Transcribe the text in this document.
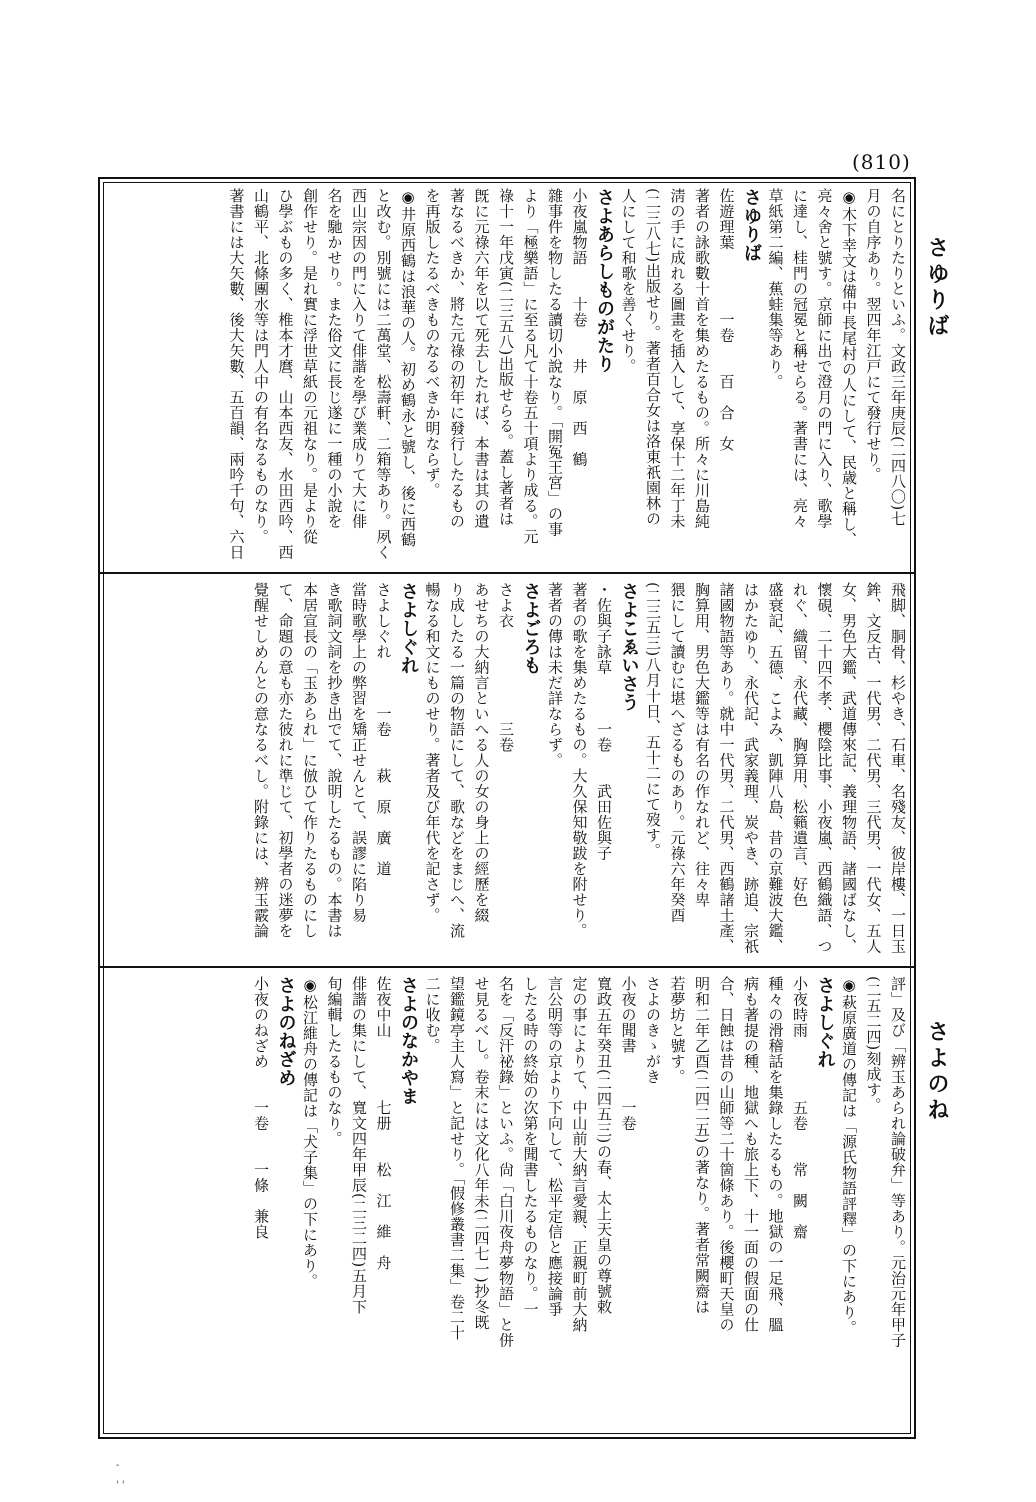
(810)
さゆりば
さよのね
名にとりたりといふ。文政三年庚辰(二四八〇)七
月の自序あり。翌四年江戸にて發行せり。
◉木下幸文は備中長尾村の人にして、民歳と稱し、
亮々舍と號す。京師に出で澄月の門に入り、歌學
に達し、桂門の冠冕と稱せらる。著書には、亮々
草紙第二編、蕉蛙集等あり。
さゆりば
佐遊理葉　　　　一卷　　百　合　女
著者の詠歌數十首を集めたるもの。所々に川島純
淸の手に成れる圖畫を插入して、享保十二年丁未
(二三八七)出版せり。著者百合女は洛東祇園林の
人にして和歌を善くせり。
さよあらしものがたり
小夜嵐物語　　十卷　　井　原　西　鶴
雜事件を物したる讀切小說なり。「開冤王宮」の事
より「極樂語」に至る凡て十卷五十項より成る。元
祿十一年戊寅(二三五八)出版せらる。蓋し著者は
旣に元祿六年を以て死去したれば、本書は其の遺
著なるべきか、將た元祿の初年に發行したるもの
を再版したるべきものなるべきか明ならず。
◉井原西鶴は浪華の人。初め鶴永と號し、後に西鶴
と改む。別號には二萬堂、松壽軒、二箱等あり。夙く
西山宗因の門に入りて俳諧を學び業成りて大に俳
名を馳かせり。また俗文に長じ遂に一種の小說を
創作せり。是れ實に浮世草紙の元祖なり。是より從
ひ學ぶもの多く、椎本才麿、山本西友、水田西吟、西
山鶴平、北條團水等は門人中の有名なるものなり。
著書には大矢數、後大矢數、五百韻、兩吟千句、六日
飛脚、胴骨、杉やき、石車、名殘友、彼岸樓、一日玉
鉾、文反古、一代男、二代男、三代男、一代女、五人
女、男色大鑑、武道傳來記、義理物語、諸國ばなし、
懷硯、二十四不孝、櫻陰比事、小夜嵐、西鶴織語、つ
れぐ、織留、永代藏、胸算用、松籟遺言、好色
盛衰記、五德、こよみ、凱陣八島、昔の京難波大鑑、
はかたゆり、永代記、武家義理、炭やき、跡追、宗祇
諸國物語等あり。就中一代男、二代男、西鶴諸土產、
胸算用、男色大鑑等は有名の作なれど、往々卑
猥にして讀むに堪へざるものあり。元祿六年癸酉
(二三五三)八月十日、五十二にて歿す。
さよこゑいさう
・佐與子詠草　　　一卷　　武田佐與子
著者の歌を集めたるもの。大久保知敬跋を附せり。
著者の傳は未だ詳ならず。
さよごろも
さよ衣　　　　　　三卷
あせちの大納言といへる人の女の身上の經歷を綴
り成したる一篇の物語にして、歌などをまじへ、流
暢なる和文にものせり。著者及び年代を記さず。
さよしぐれ
さよしぐれ　　　一卷　　萩　原　廣　道
當時歌學上の弊習を矯正せんとて、誤謬に陷り易
き歌詞文詞を抄き出でて、說明したるもの。本書は
本居宣長の「玉あられ」に倣ひて作りたるものにし
て、命題の意も亦た彼れに準じて、初學者の迷夢を
覺醒せしめんとの意なるべし。附錄には、辨玉霰論
評」及び「辨玉あられ論破弁」等あり。元治元年甲子
(二五二四)刻成す。
◉萩原廣道の傳記は「源氏物語評釋」の下にあり。
さよしぐれ
小夜時雨　　　　五卷　　常　闕　齋
種々の滑稽話を集錄したるもの。地獄の一足飛、膃
病も著提の種、地獄へも旅上下、十一面の假面の仕
合、日蝕は昔の山師等二十箇條あり。後櫻町天皇の
明和二年乙酉(二四二五)の著なり。著者常闕齋は
若夢坊と號す。
さよのきゝがき
小夜の聞書　　　一卷
寬政五年癸丑(二四五三)の春、太上天皇の尊號敕
定の事によりて、中山前大納言愛親、正親町前大納
言公明等の京より下向して、松平定信と應接論爭
したる時の終始の次第を聞書したるものなり。一
名を「反汗祕錄」といふ。尙「白川夜舟夢物語」と併
せ見るべし。卷末には文化八年未(二四七一)抄冬既
望鑑鏡亭主人寫」と記せり。「假修叢書二集」卷二十
二に收む。
さよのなかやま
佐夜中山　　　　七册　　松　江　維　舟
俳諧の集にして、寬文四年甲辰(二三二四)五月下
旬編輯したるものなり。
◉松江維舟の傳記は「犬子集」の下にあり。
さよのねざめ
小夜のねざめ　　一卷　　一條　兼良
-
' '
